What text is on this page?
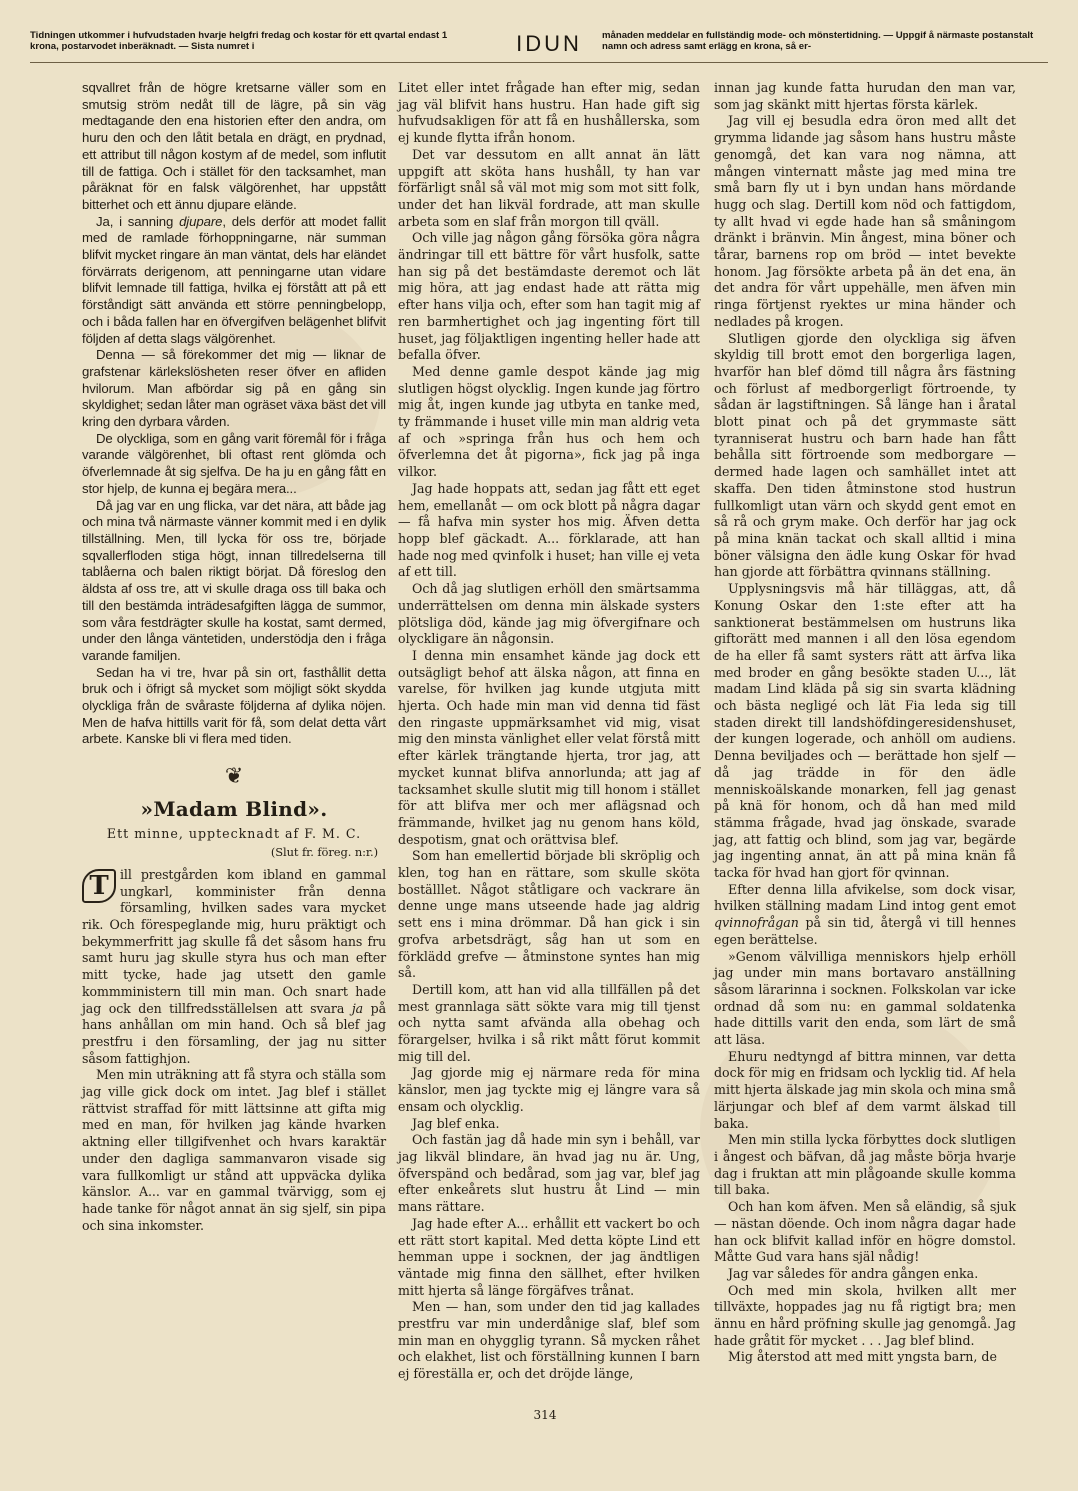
Tidningen utkommer i hufvudstaden hvarje helgfri fredag och kostar för ett qvartal endast 1 krona, postarvodet inberäknadt. — Sista numret i	IDUN	månaden meddelar en fullständig mode- och mönstertidning. — Uppgif å närmaste postanstalt namn och adress samt erlägg en krona, så er-

sqvallret från de högre kretsarne väller som en smutsig ström nedåt till de lägre, på sin väg medtagande den ena historien efter den andra, om huru den och den låtit betala en drägt, en prydnad, ett attribut till någon kostym af de medel, som influtit till de fattiga. Och i stället för den tacksamhet, man påräknat för en falsk välgörenhet, har uppstått bitterhet och ett ännu djupare elände.

Ja, i sanning djupare, dels derför att modet fallit med de ramlade förhoppningarne, när summan blifvit mycket ringare än man väntat, dels har eländet förvärrats derigenom, att penningarne utan vidare blifvit lemnade till fattiga, hvilka ej förstått att på ett förståndigt sätt använda ett större penningbelopp, och i båda fallen har en öfvergifven belägenhet blifvit följden af detta slags välgörenhet.

Denna — så förekommer det mig — liknar de grafstenar kärlekslösheten reser öfver en afliden hvilorum. Man afbördar sig på en gång sin skyldighet; sedan låter man ogräset växa bäst det vill kring den dyrbara vården.

De olyckliga, som en gång varit föremål för i fråga varande välgörenhet, bli oftast rent glömda och öfverlemnade åt sig sjelfva. De ha ju en gång fått en stor hjelp, de kunna ej begära mera...

Då jag var en ung flicka, var det nära, att både jag och mina två närmaste vänner kommit med i en dylik tillställning. Men, till lycka för oss tre, började sqvallerfloden stiga högt, innan tillredelserna till tablåerna och balen riktigt börjat. Då föreslog den äldsta af oss tre, att vi skulle draga oss till baka och till den bestämda inträdesafgiften lägga de summor, som våra festdrägter skulle ha kostat, samt dermed, under den långa väntetiden, understödja den i fråga varande familjen.

Sedan ha vi tre, hvar på sin ort, fasthållit detta bruk och i öfrigt så mycket som möjligt sökt skydda olyckliga från de svåraste följderna af dylika nöjen. Men de hafva hittills varit för få, som delat detta vårt arbete. Kanske bli vi flera med tiden.

❦
»Madam Blind».
Ett minne, upptecknadt af F. M. C.
(Slut fr. föreg. n:r.)

T ill prestgården kom ibland en gammal ungkarl, komminister från denna församling, hvilken sades vara mycket rik. Och förespeglande mig, huru präktigt och bekymmerfritt jag skulle få det såsom hans fru samt huru jag skulle styra hus och man efter mitt tycke, hade jag utsett den gamle kommministern till min man. Och snart hade jag ock den tillfredsställelsen att svara ja på hans anhållan om min hand. Och så blef jag prestfru i den församling, der jag nu sitter såsom fattighjon.

Men min uträkning att få styra och ställa som jag ville gick dock om intet. Jag blef i stället rättvist straffad för mitt lättsinne att gifta mig med en man, för hvilken jag kände hvarken aktning eller tillgifvenhet och hvars karaktär under den dagliga sammanvaron visade sig vara fullkomligt ur stånd att uppväcka dylika känslor. A... var en gammal tvärvigg, som ej hade tanke för något annat än sig sjelf, sin pipa och sina inkomster.

Litet eller intet frågade han efter mig, sedan jag väl blifvit hans hustru. Han hade gift sig hufvudsakligen för att få en hushållerska, som ej kunde flytta ifrån honom.

Det var dessutom en allt annat än lätt uppgift att sköta hans hushåll, ty han var förfärligt snål så väl mot mig som mot sitt folk, under det han likväl fordrade, att man skulle arbeta som en slaf från morgon till qväll.

Och ville jag någon gång försöka göra några ändringar till ett bättre för vårt husfolk, satte han sig på det bestämdaste deremot och lät mig höra, att jag endast hade att rätta mig efter hans vilja och, efter som han tagit mig af ren barmhertighet och jag ingenting fört till huset, jag följaktligen ingenting heller hade att befalla öfver.

Med denne gamle despot kände jag mig slutligen högst olycklig. Ingen kunde jag förtro mig åt, ingen kunde jag utbyta en tanke med, ty främmande i huset ville min man aldrig veta af och »springa från hus och hem och öfverlemna det åt pigorna», fick jag på inga vilkor.

Jag hade hoppats att, sedan jag fått ett eget hem, emellanåt — om ock blott på några dagar — få hafva min syster hos mig. Äfven detta hopp blef gäckadt. A... förklarade, att han hade nog med qvinfolk i huset; han ville ej veta af ett till.

Och då jag slutligen erhöll den smärtsamma underrättelsen om denna min älskade systers plötsliga död, kände jag mig öfvergifnare och olyckligare än någonsin.

I denna min ensamhet kände jag dock ett outsägligt behof att älska någon, att finna en varelse, för hvilken jag kunde utgjuta mitt hjerta. Och hade min man vid denna tid fäst den ringaste uppmärksamhet vid mig, visat mig den minsta vänlighet eller velat förstå mitt efter kärlek trängtande hjerta, tror jag, att mycket kunnat blifva annorlunda; att jag af tacksamhet skulle slutit mig till honom i stället för att blifva mer och mer aflägsnad och främmande, hvilket jag nu genom hans köld, despotism, gnat och orättvisa blef.

Som han emellertid började bli skröplig och klen, tog han en rättare, som skulle sköta boställlet. Något ståtligare och vackrare än denne unge mans utseende hade jag aldrig sett ens i mina drömmar. Då han gick i sin grofva arbetsdrägt, såg han ut som en förklädd grefve — åtminstone syntes han mig så.

Dertill kom, att han vid alla tillfällen på det mest grannlaga sätt sökte vara mig till tjenst och nytta samt afvända alla obehag och förargelser, hvilka i så rikt mått förut kommit mig till del.

Jag gjorde mig ej närmare reda för mina känslor, men jag tyckte mig ej längre vara så ensam och olycklig.

Jag blef enka.

Och fastän jag då hade min syn i behåll, var jag likväl blindare, än hvad jag nu är. Ung, öfverspänd och bedårad, som jag var, blef jag efter enkeårets slut hustru åt Lind — min mans rättare.

Jag hade efter A... erhållit ett vackert bo och ett rätt stort kapital. Med detta köpte Lind ett hemman uppe i socknen, der jag ändtligen väntade mig finna den sällhet, efter hvilken mitt hjerta så länge förgäfves trånat.

Men — han, som under den tid jag kallades prestfru var min underdånige slaf, blef som min man en ohygglig tyrann. Så mycken råhet och elakhet, list och förställning kunnen I barn ej föreställa er, och det dröjde länge,

innan jag kunde fatta hurudan den man var, som jag skänkt mitt hjertas första kärlek.

Jag vill ej besudla edra öron med allt det grymma lidande jag såsom hans hustru måste genomgå, det kan vara nog nämna, att mången vinternatt måste jag med mina tre små barn fly ut i byn undan hans mördande hugg och slag. Dertill kom nöd och fattigdom, ty allt hvad vi egde hade han så småningom dränkt i bränvin. Min ångest, mina böner och tårar, barnens rop om bröd — intet bevekte honom. Jag försökte arbeta på än det ena, än det andra för vårt uppehälle, men äfven min ringa förtjenst ryektes ur mina händer och nedlades på krogen.

Slutligen gjorde den olyckliga sig äfven skyldig till brott emot den borgerliga lagen, hvarför han blef dömd till några års fästning och förlust af medborgerligt förtroende, ty sådan är lagstiftningen. Så länge han i åratal blott pinat och på det grymmaste sätt tyranniserat hustru och barn hade han fått behålla sitt förtroende som medborgare — dermed hade lagen och samhället intet att skaffa. Den tiden åtminstone stod hustrun fullkomligt utan värn och skydd gent emot en så rå och grym make. Och derför har jag ock på mina knän tackat och skall alltid i mina böner välsigna den ädle kung Oskar för hvad han gjorde att förbättra qvinnans ställning.

Upplysningsvis må här tilläggas, att, då Konung Oskar den 1:ste efter att ha sanktionerat bestämmelsen om hustruns lika giftorätt med mannen i all den lösa egendom de ha eller få samt systers rätt att ärfva lika med broder en gång besökte staden U..., lät madam Lind kläda på sig sin svarta klädning och bästa negligé och lät Fia leda sig till staden direkt till landshöfdingeresidenshuset, der kungen logerade, och anhöll om audiens. Denna beviljades och — berättade hon sjelf — då jag trädde in för den ädle menniskoälskande monarken, fell jag genast på knä för honom, och då han med mild stämma frågade, hvad jag önskade, svarade jag, att fattig och blind, som jag var, begärde jag ingenting annat, än att på mina knän få tacka för hvad han gjort för qvinnan.

Efter denna lilla afvikelse, som dock visar, hvilken ställning madam Lind intog gent emot qvinnofrågan på sin tid, återgå vi till hennes egen berättelse.

»Genom välvilliga menniskors hjelp erhöll jag under min mans bortavaro anställning såsom lärarinna i socknen. Folkskolan var icke ordnad då som nu: en gammal soldatenka hade dittills varit den enda, som lärt de små att läsa.

Ehuru nedtyngd af bittra minnen, var detta dock för mig en fridsam och lycklig tid. Af hela mitt hjerta älskade jag min skola och mina små lärjungar och blef af dem varmt älskad till baka.

Men min stilla lycka förbyttes dock slutligen i ångest och bäfvan, då jag måste börja hvarje dag i fruktan att min plågoande skulle komma till baka.

Och han kom äfven. Men så eländig, så sjuk — nästan döende. Och inom några dagar hade han ock blifvit kallad inför en högre domstol. Måtte Gud vara hans själ nådig!

Jag var således för andra gången enka.

Och med min skola, hvilken allt mer tillväxte, hoppades jag nu få rigtigt bra; men ännu en hård pröfning skulle jag genomgå. Jag hade gråtit för mycket . . . Jag blef blind.

Mig återstod att med mitt yngsta barn, de

314
